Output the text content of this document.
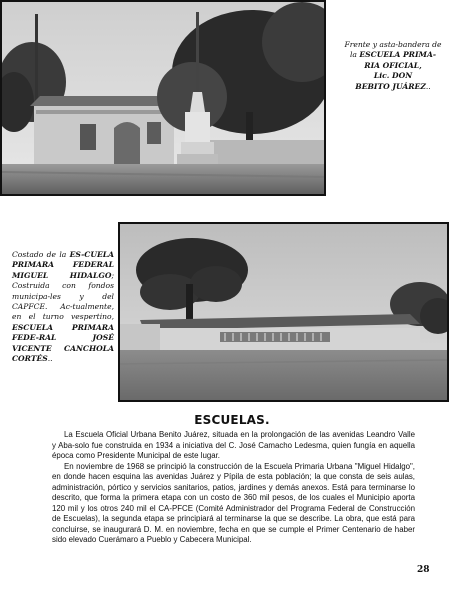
Frente y asta-bandera de
la ESCUELA PRIMA-
RIA OFICIAL,
Lic. DON
BEBITO JUÁREZ..
Costado de la ES-CUELA PRIMARA FEDERAL MIGUEL HIDALGO; Costruida con fondos municipa-les y del CAPFCE. Ac-tualmente, en el turno vespertino, ESCUELA PRIMARA FEDE-RAL JOSÉ VICENTE CANCHOLA CORTÉS..
ESCUELAS.

La Escuela Oficial Urbana Benito Juárez, situada en la prolongación de las avenidas Leandro Valle y Aba-solo fue construida en 1934 a iniciativa del C. José Camacho Ledesma, quien fungía en aquella época como Presidente Municipal de este lugar.

En noviembre de 1968 se principió la construcción de la Escuela Primaria Urbana "Miguel Hidalgo", en donde hacen esquina las avenidas Juárez y Pípila de esta población; la que consta de seis aulas, administración, pórtico y servicios sanitarios, patios, jardines y demás anexos. Está para terminarse lo descrito, que forma la primera etapa con un costo de 360 mil pesos, de los cuales el Municipio aporta 120 mil y los otros 240 mil el CA-PFCE (Comité Administrador del Programa Federal de Construcción de Escuelas), la segunda etapa se principiará al terminarse la que se describe. La obra, que está para concluirse, se inaugurará D. M. en noviembre, fecha en que se cumple el Primer Centenario de haber sido elevado Cuerámaro a Pueblo y Cabecera Municipal.

28
